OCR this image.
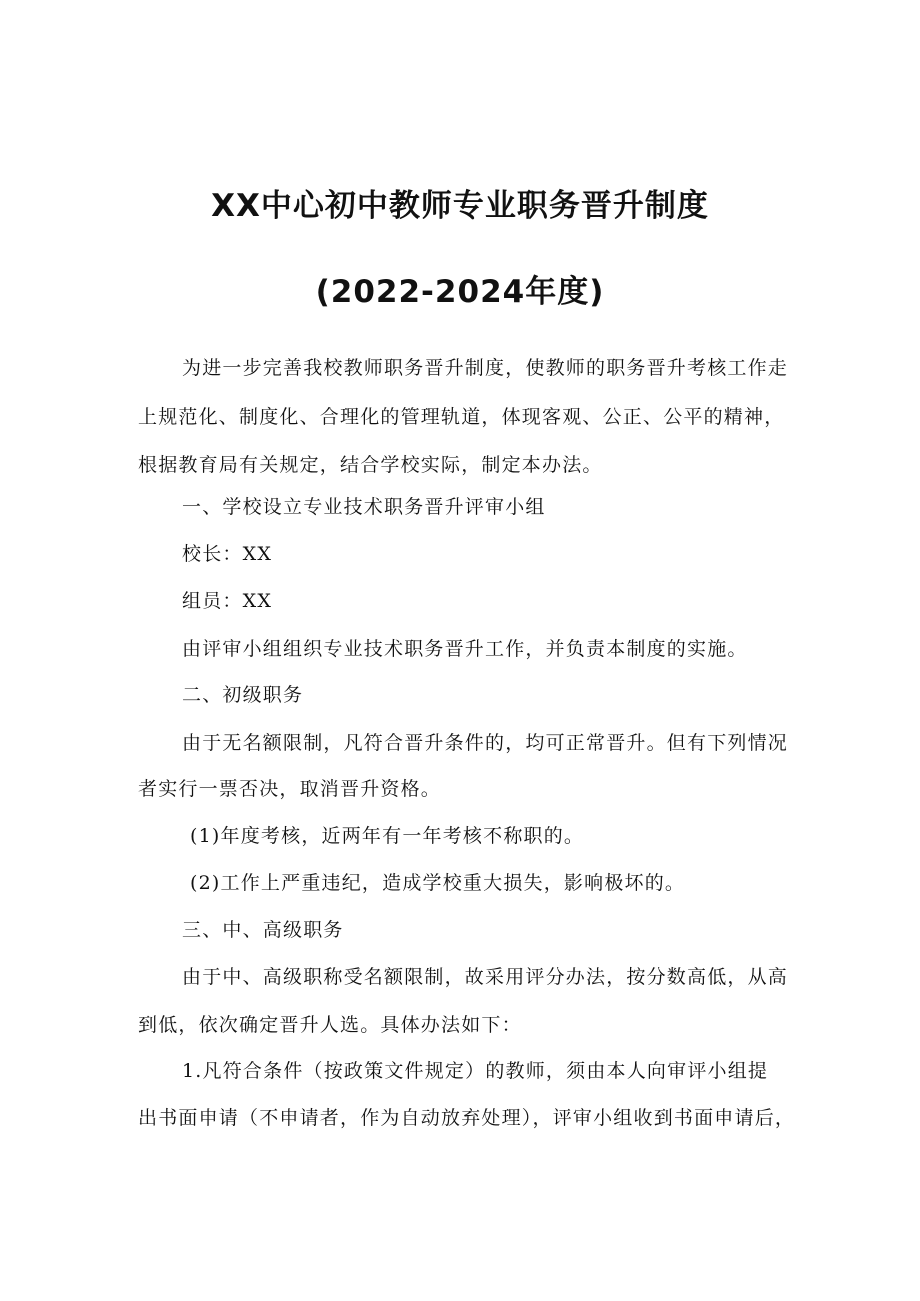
XX中心初中教师专业职务晋升制度
(2022-2024年度)
为进一步完善我校教师职务晋升制度，使教师的职务晋升考核工作走
上规范化、制度化、合理化的管理轨道，体现客观、公正、公平的精神，
根据教育局有关规定，结合学校实际，制定本办法。
一、学校设立专业技术职务晋升评审小组
校长：XX
组员：XX
由评审小组组织专业技术职务晋升工作，并负责本制度的实施。
二、初级职务
由于无名额限制，凡符合晋升条件的，均可正常晋升。但有下列情况
者实行一票否决，取消晋升资格。
(1)年度考核，近两年有一年考核不称职的。
(2)工作上严重违纪，造成学校重大损失，影响极坏的。
三、中、高级职务
由于中、高级职称受名额限制，故采用评分办法，按分数高低，从高
到低，依次确定晋升人选。具体办法如下：
1.凡符合条件（按政策文件规定）的教师，须由本人向审评小组提
出书面申请（不申请者，作为自动放弃处理），评审小组收到书面申请后，
